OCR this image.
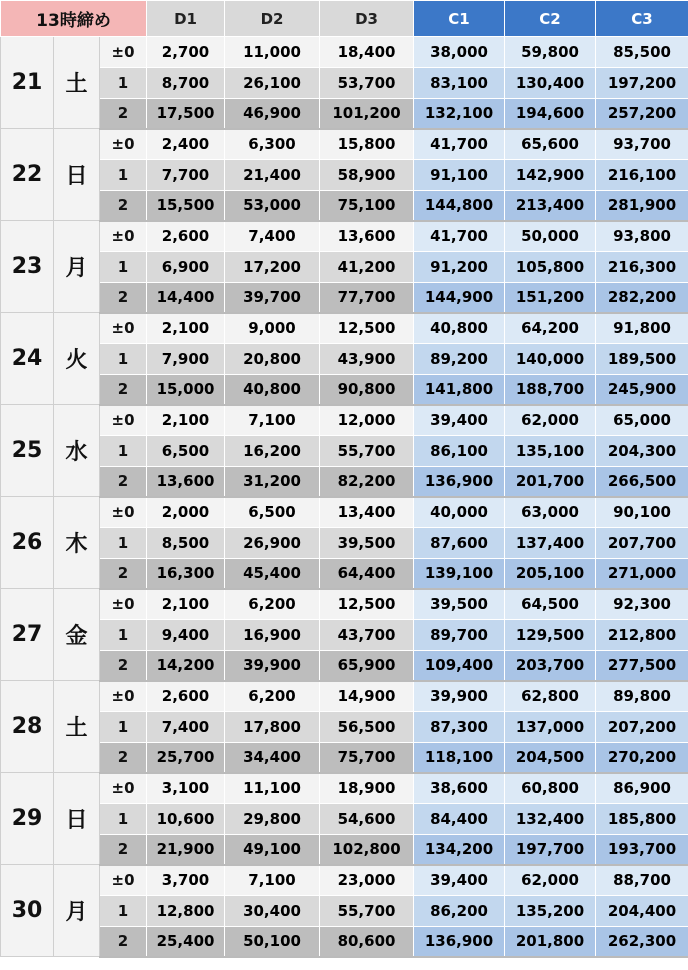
13時締め			D1	D2	D3	C1	C2	C3
21	土	±0	2,700	11,000	18,400	38,000	59,800	85,500
		1	8,700	26,100	53,700	83,100	130,400	197,200
		2	17,500	46,900	101,200	132,100	194,600	257,200
22	日	±0	2,400	6,300	15,800	41,700	65,600	93,700
		1	7,700	21,400	58,900	91,100	142,900	216,100
		2	15,500	53,000	75,100	144,800	213,400	281,900
23	月	±0	2,600	7,400	13,600	41,700	50,000	93,800
		1	6,900	17,200	41,200	91,200	105,800	216,300
		2	14,400	39,700	77,700	144,900	151,200	282,200
24	火	±0	2,100	9,000	12,500	40,800	64,200	91,800
		1	7,900	20,800	43,900	89,200	140,000	189,500
		2	15,000	40,800	90,800	141,800	188,700	245,900
25	水	±0	2,100	7,100	12,000	39,400	62,000	65,000
		1	6,500	16,200	55,700	86,100	135,100	204,300
		2	13,600	31,200	82,200	136,900	201,700	266,500
26	木	±0	2,000	6,500	13,400	40,000	63,000	90,100
		1	8,500	26,900	39,500	87,600	137,400	207,700
		2	16,300	45,400	64,400	139,100	205,100	271,000
27	金	±0	2,100	6,200	12,500	39,500	64,500	92,300
		1	9,400	16,900	43,700	89,700	129,500	212,800
		2	14,200	39,900	65,900	109,400	203,700	277,500
28	土	±0	2,600	6,200	14,900	39,900	62,800	89,800
		1	7,400	17,800	56,500	87,300	137,000	207,200
		2	25,700	34,400	75,700	118,100	204,500	270,200
29	日	±0	3,100	11,100	18,900	38,600	60,800	86,900
		1	10,600	29,800	54,600	84,400	132,400	185,800
		2	21,900	49,100	102,800	134,200	197,700	193,700
30	月	±0	3,700	7,100	23,000	39,400	62,000	88,700
		1	12,800	30,400	55,700	86,200	135,200	204,400
		2	25,400	50,100	80,600	136,900	201,800	262,300
